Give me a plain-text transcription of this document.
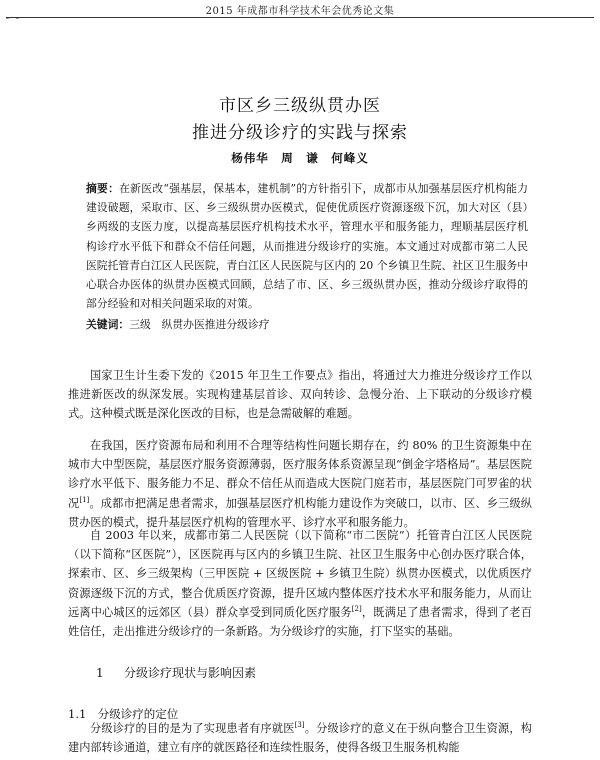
2015 年成都市科学技术年会优秀论文集
- -
市区乡三级纵贯办医
推进分级诊疗的实践与探索
杨伟华　周　谦　何峰义

摘要：在新医改“强基层，保基本，建机制”的方针指引下，成都市从加强基层医疗机构能力建设破题，采取市、区、乡三级纵贯办医模式，促使优质医疗资源逐级下沉，加大对区（县）乡两级的支医力度，以提高基层医疗机构技术水平，管理水平和服务能力，理顺基层医疗机构诊疗水平低下和群众不信任问题，从而推进分级诊疗的实施。本文通过对成都市第二人民医院托管青白江区人民医院，青白江区人民医院与区内的 20 个乡镇卫生院、社区卫生服务中心联合办医体的纵贯办医模式回顾，总结了市、区、乡三级纵贯办医，推动分级诊疗取得的部分经验和对相关问题采取的对策。

关键词：三级　纵贯办医推进分级诊疗

国家卫生计生委下发的《2015 年卫生工作要点》指出，将通过大力推进分级诊疗工作以推进新医改的纵深发展。实现构建基层首诊、双向转诊、急慢分治、上下联动的分级诊疗模式。这种模式既是深化医改的目标，也是急需破解的难题。

在我国，医疗资源布局和利用不合理等结构性问题长期存在，约 80% 的卫生资源集中在城市大中型医院，基层医疗服务资源薄弱，医疗服务体系资源呈现“倒金字塔格局”。基层医院诊疗水平低下、服务能力不足、群众不信任从而造成大医院门庭若市，基层医院门可罗雀的状况[1]。成都市把满足患者需求，加强基层医疗机构能力建设作为突破口，以市、区、乡三级纵贯办医的模式，提升基层医疗机构的管理水平、诊疗水平和服务能力。

自 2003 年以来，成都市第二人民医院（以下简称“市二医院”）托管青白江区人民医院（以下简称“区医院”），区医院再与区内的乡镇卫生院、社区卫生服务中心创办医疗联合体，探索市、区、乡三级架构（三甲医院 + 区级医院 + 乡镇卫生院）纵贯办医模式，以优质医疗资源逐级下沉的方式，整合优质医疗资源，提升区域内整体医疗技术水平和服务能力，从而让远离中心城区的远郊区（县）群众享受到同质化医疗服务[2]，既满足了患者需求，得到了老百姓信任，走出推进分级诊疗的一条新路。为分级诊疗的实施，打下坚实的基础。

1 分级诊疗现状与影响因素
1.1　分级诊疗的定位

分级诊疗的目的是为了实现患者有序就医[3]。分级诊疗的意义在于纵向整合卫生资源，构建内部转诊通道，建立有序的就医路径和连续性服务，使得各级卫生服务机构能
